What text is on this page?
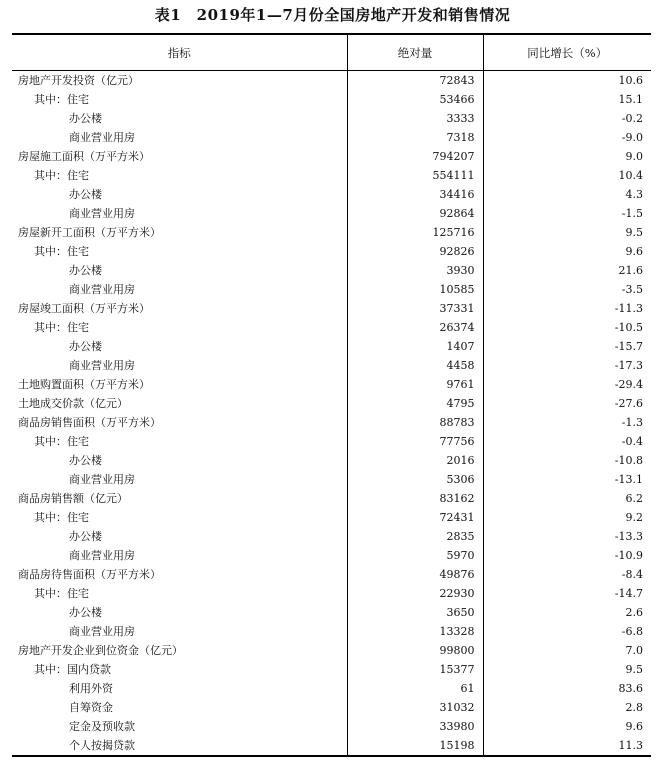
表1　2019年1—7月份全国房地产开发和销售情况
指标	绝对量	同比增长（%）
房地产开发投资（亿元）	72843	10.6
其中：住宅	53466	15.1
办公楼	3333	-0.2
商业营业用房	7318	-9.0
房屋施工面积（万平方米）	794207	9.0
其中：住宅	554111	10.4
办公楼	34416	4.3
商业营业用房	92864	-1.5
房屋新开工面积（万平方米）	125716	9.5
其中：住宅	92826	9.6
办公楼	3930	21.6
商业营业用房	10585	-3.5
房屋竣工面积（万平方米）	37331	-11.3
其中：住宅	26374	-10.5
办公楼	1407	-15.7
商业营业用房	4458	-17.3
土地购置面积（万平方米）	9761	-29.4
土地成交价款（亿元）	4795	-27.6
商品房销售面积（万平方米）	88783	-1.3
其中：住宅	77756	-0.4
办公楼	2016	-10.8
商业营业用房	5306	-13.1
商品房销售额（亿元）	83162	6.2
其中：住宅	72431	9.2
办公楼	2835	-13.3
商业营业用房	5970	-10.9
商品房待售面积（万平方米）	49876	-8.4
其中：住宅	22930	-14.7
办公楼	3650	2.6
商业营业用房	13328	-6.8
房地产开发企业到位资金（亿元）	99800	7.0
其中：国内贷款	15377	9.5
利用外资	61	83.6
自筹资金	31032	2.8
定金及预收款	33980	9.6
个人按揭贷款	15198	11.3
